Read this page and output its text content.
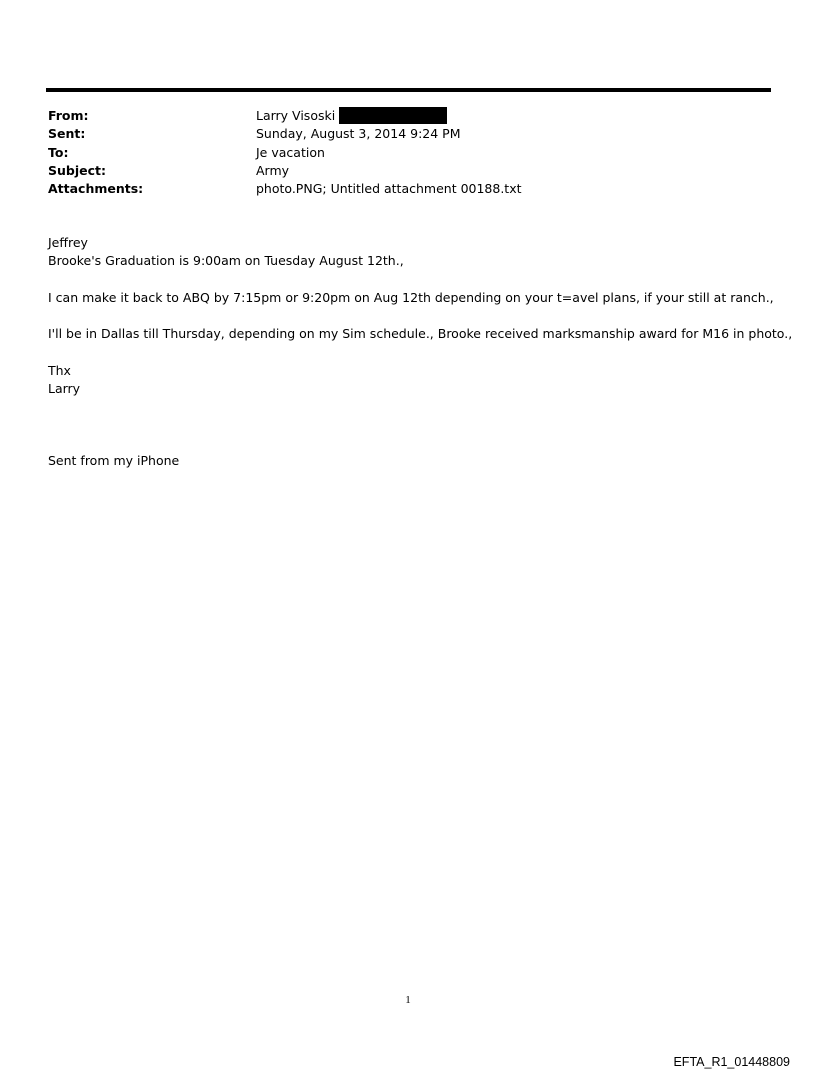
From:	Larry Visoski
Sent:	Sunday, August 3, 2014 9:24 PM
To:	Je vacation
Subject:	Army
Attachments:	photo.PNG; Untitled attachment 00188.txt

Jeffrey

Brooke's Graduation is 9:00am on Tuesday August 12th.,

I can make it back to ABQ by 7:15pm or 9:20pm on Aug 12th depending on your t=avel plans, if your still at ranch.,

I'll be in Dallas till Thursday, depending on my Sim schedule., Brooke received marksmanship award for M16 in photo.,

Thx

Larry

Sent from my iPhone

1
EFTA_R1_01448809
